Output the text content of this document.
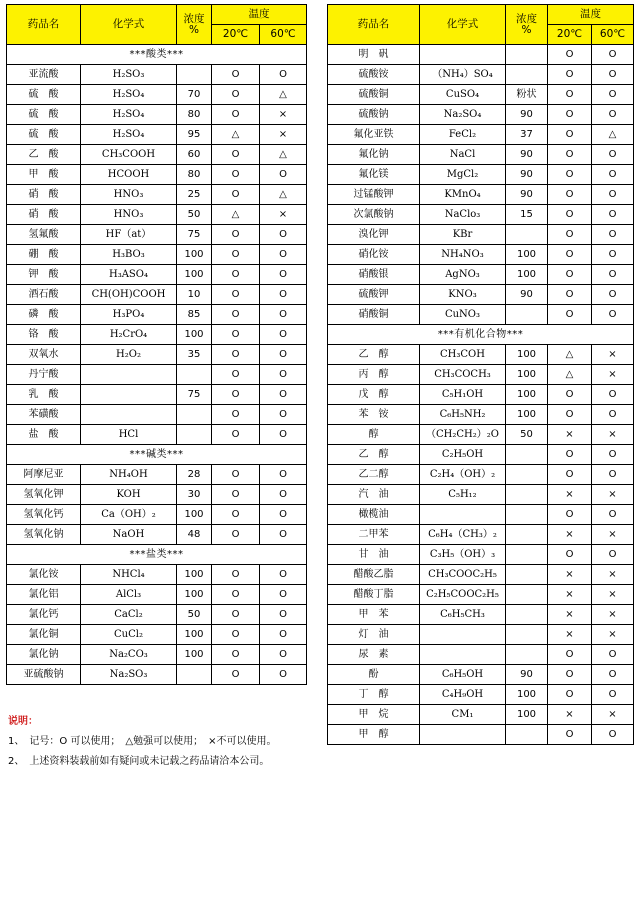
药品名	化学式	浓度
%	温度	
			20℃	60℃
***酸类***				
亚流酸	H₂SO₃		O	O
硫　酸	H₂SO₄	70	O	△
硫　酸	H₂SO₄	80	O	×
硫　酸	H₂SO₄	95	△	×
乙　酸	CH₃COOH	60	O	△
甲　酸	HCOOH	80	O	O
硝　酸	HNO₃	25	O	△
硝　酸	HNO₃	50	△	×
氢氟酸	HF（at）	75	O	O
硼　酸	H₃BO₃	100	O	O
钾　酸	H₃ASO₄	100	O	O
酒石酸	CH(OH)COOH	10	O	O
磷　酸	H₃PO₄	85	O	O
铬　酸	H₂CrO₄	100	O	O
双氧水	H₂O₂	35	O	O
丹宁酸			O	O
乳　酸		75	O	O
苯磺酸			O	O
盐　酸	HCl		O	O
***碱类***				
阿摩尼亚	NH₄OH	28	O	O
氢氧化钾	KOH	30	O	O
氢氧化钙	Ca（OH）₂	100	O	O
氢氧化钠	NaOH	48	O	O
***盐类***				
氯化铵	NHCl₄	100	O	O
氯化铝	AlCl₃	100	O	O
氯化钙	CaCl₂	50	O	O
氯化铜	CuCl₂	100	O	O
氯化钠	Na₂CO₃	100	O	O
亚硫酸钠	Na₂SO₃		O	O
药品名	化学式	浓度
%	温度	
			20℃	60℃
明　矾			O	O
硫酸铵	（NH₄）SO₄		O	O
硫酸铜	CuSO₄	粉状	O	O
硫酸钠	Na₂SO₄	90	O	O
氟化亚铁	FeCl₂	37	O	△
氟化钠	NaCl	90	O	O
氟化镁	MgCl₂	90	O	O
过锰酸钾	KMnO₄	90	O	O
次氯酸钠	NaClo₃	15	O	O
溴化钾	KBr		O	O
硝化铵	NH₄NO₃	100	O	O
硝酸银	AgNO₃	100	O	O
硫酸钾	KNO₃	90	O	O
硝酸铜	CuNO₃		O	O
***有机化合物***				
乙　醇	CH₃COH	100	△	×
丙　醇	CH₃COCH₃	100	△	×
戊　醇	C₅H₁OH	100	O	O
苯　铵	C₆H₅NH₂	100	O	O
醇	（CH₂CH₂）₂O	50	×	×
乙　醇	C₂H₅OH		O	O
乙二醇	C₂H₄（OH）₂		O	O
汽　油	C₅H₁₂		×	×
橄榄油			O	O
二甲苯	C₆H₄（CH₃）₂		×	×
甘　油	C₃H₅（OH）₃		O	O
醋酸乙脂	CH₃COOC₂H₅		×	×
醋酸丁脂	C₂H₅COOC₂H₅		×	×
甲　苯	C₆H₅CH₃		×	×
灯　油			×	×
尿　素			O	O
酚	C₆H₅OH	90	O	O
丁　醇	C₄H₉OH	100	O	O
甲　烷	CM₁	100	×	×
甲　醇			O	O
说明：
1、　记号：O 可以使用；　△勉强可以使用；　×不可以使用。
2、　上述资料装载前如有疑问或未记载之药品请洽本公司。
